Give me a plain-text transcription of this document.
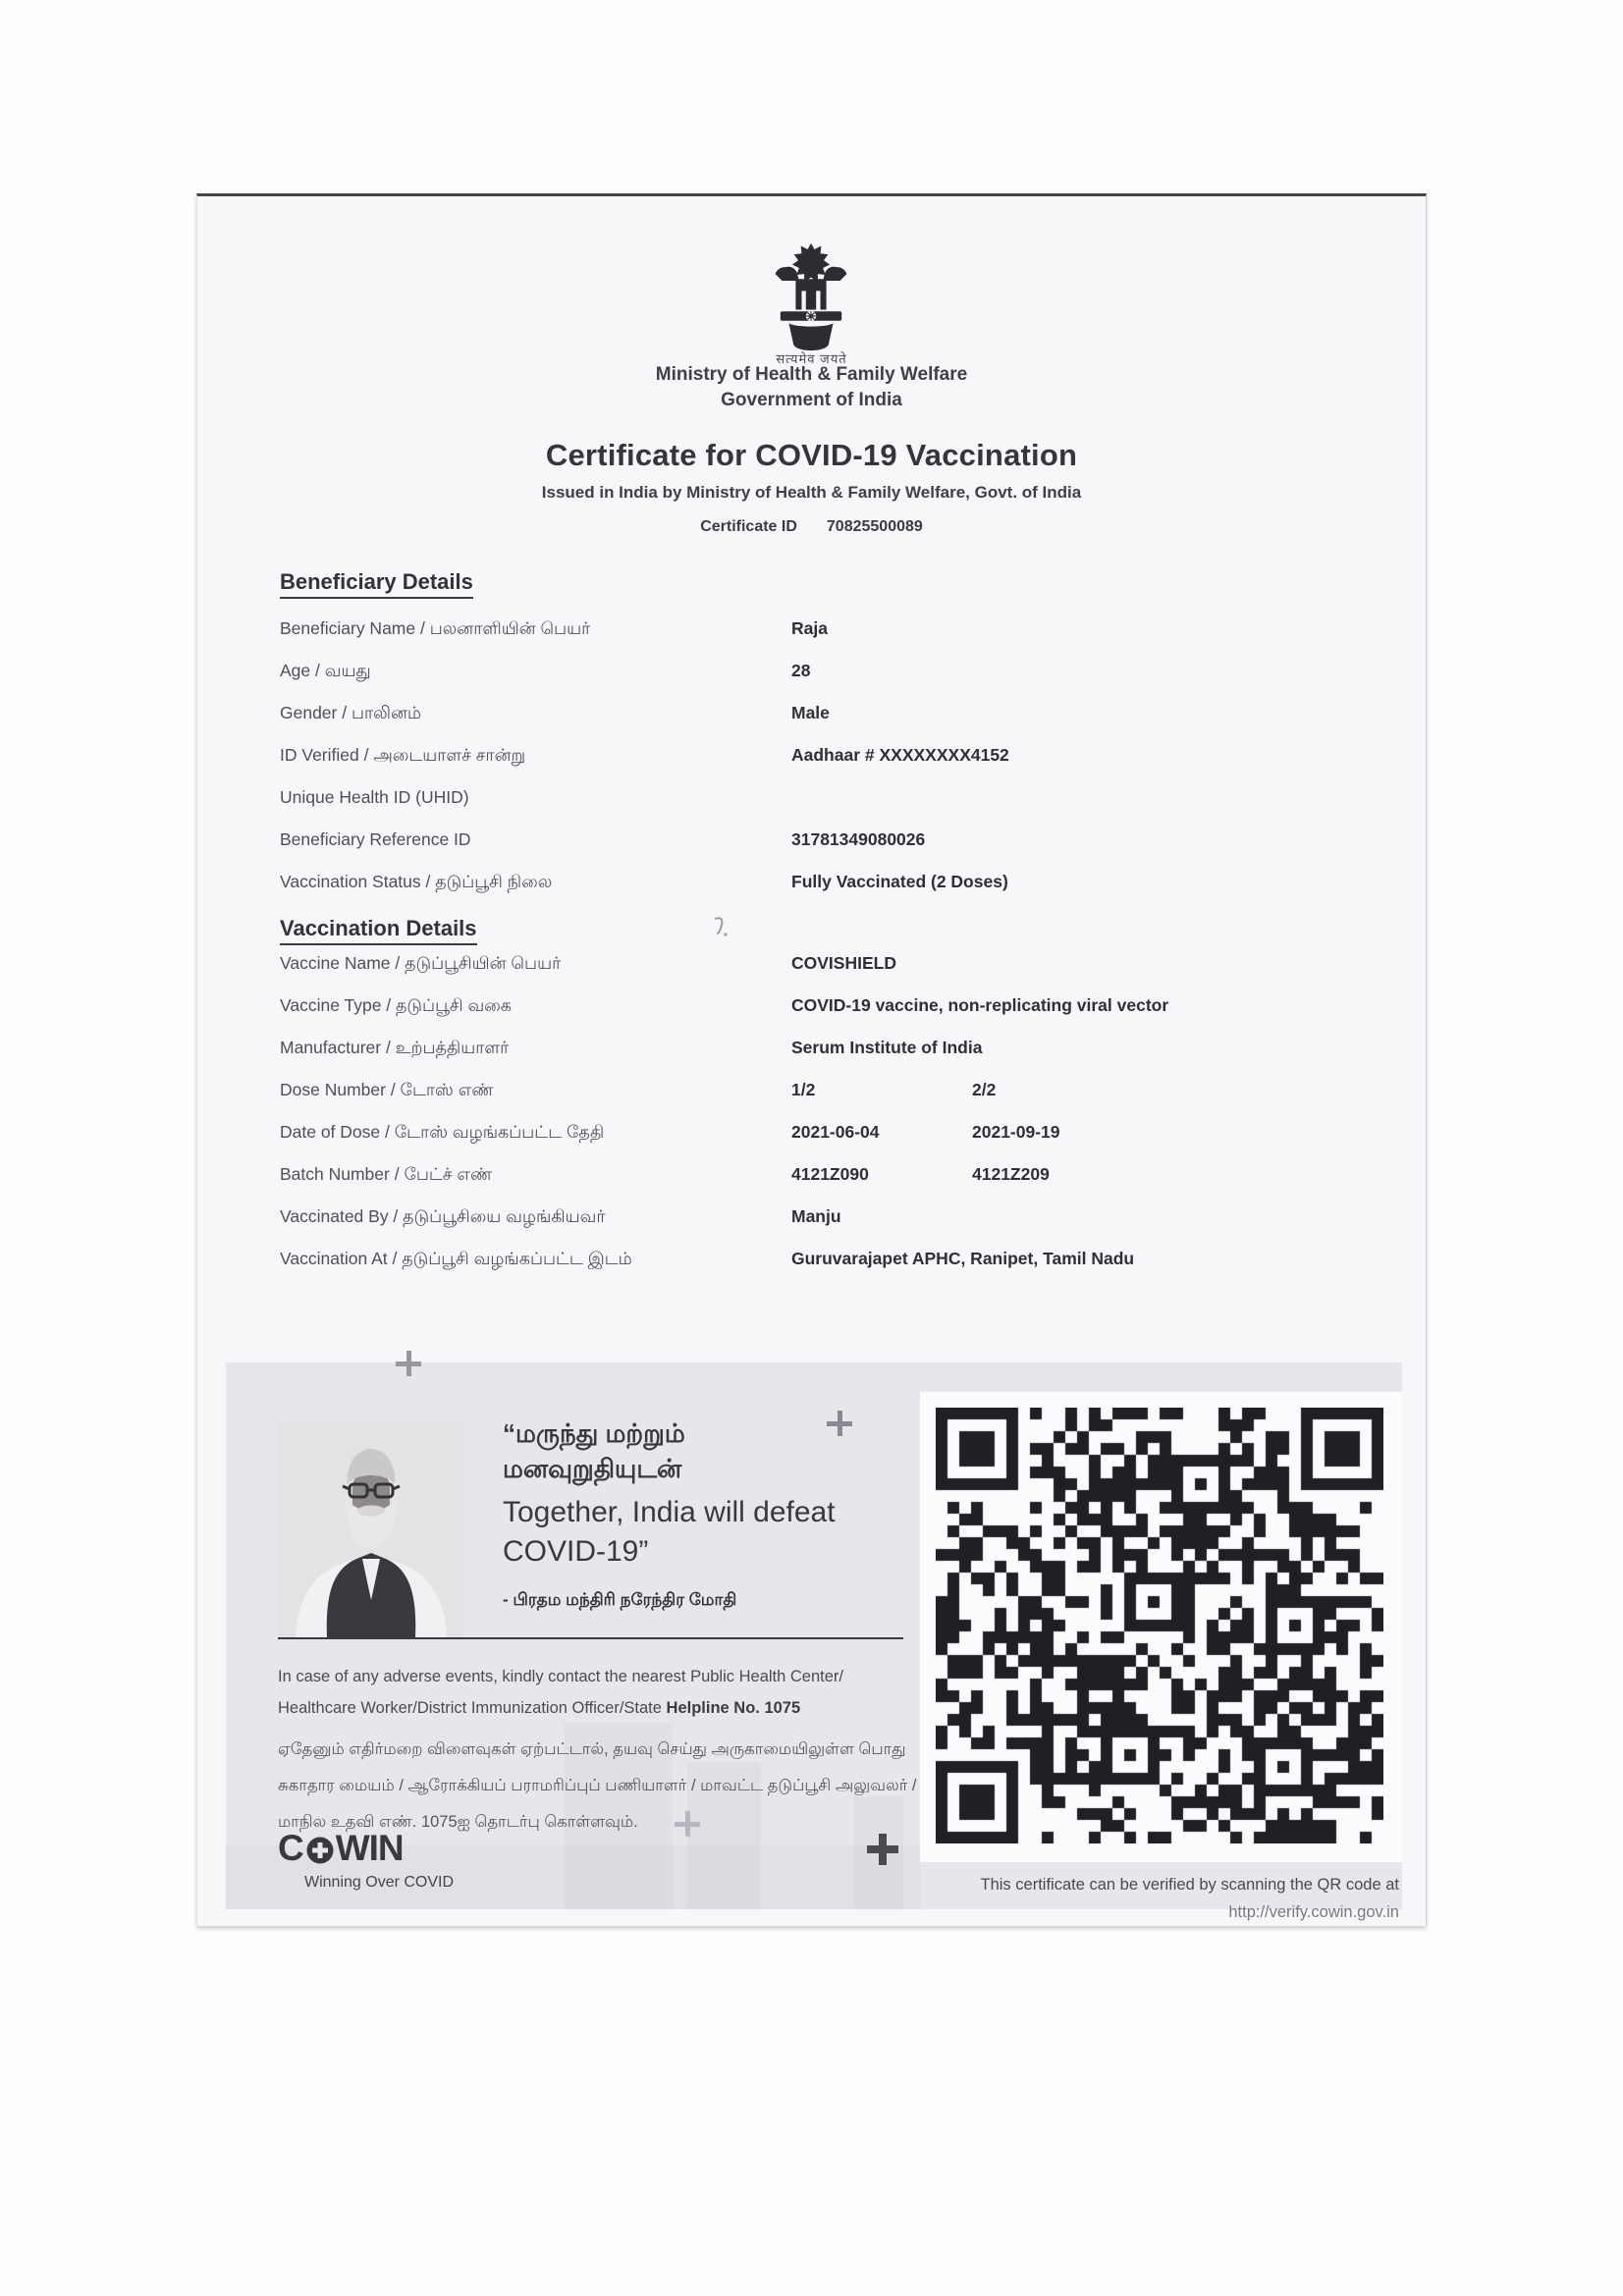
सत्यमेव जयते
Ministry of Health & Family Welfare
Government of India
Certificate for COVID-19 Vaccination
Issued in India by Ministry of Health & Family Welfare, Govt. of India
Certificate ID 70825500089
Beneficiary Details
Beneficiary Name / பலனாளியின் பெயர்	Raja
Age / வயது	28
Gender / பாலினம்	Male
ID Verified / அடையாளச் சான்று	Aadhaar # XXXXXXXX4152
Unique Health ID (UHID)
Beneficiary Reference ID	31781349080026
Vaccination Status / தடுப்பூசி நிலை	Fully Vaccinated (2 Doses)
Vaccination Details
Vaccine Name / தடுப்பூசியின் பெயர்	COVISHIELD
Vaccine Type / தடுப்பூசி வகை	COVID-19 vaccine, non-replicating viral vector
Manufacturer / உற்பத்தியாளர்	Serum Institute of India
Dose Number / டோஸ் எண்	1/2	2/2
Date of Dose / டோஸ் வழங்கப்பட்ட தேதி	2021-06-04	2021-09-19
Batch Number / பேட்ச் எண்	4121Z090	4121Z209
Vaccinated By / தடுப்பூசியை வழங்கியவர்	Manju
Vaccination At / தடுப்பூசி வழங்கப்பட்ட இடம்	Guruvarajapet APHC, Ranipet, Tamil Nadu
“மருந்து மற்றும்
மனவுறுதியுடன்
Together, India will defeat
COVID-19”
- பிரதம மந்திரி நரேந்திர மோதி
In case of any adverse events, kindly contact the nearest Public Health Center/
Healthcare Worker/District Immunization Officer/State Helpline No. 1075
ஏதேனும் எதிர்மறை விளைவுகள் ஏற்பட்டால், தயவு செய்து அருகாமையிலுள்ள பொது
சுகாதார மையம் / ஆரோக்கியப் பராமரிப்புப் பணியாளர் / மாவட்ட தடுப்பூசி அலுவலர் /
மாநில உதவி எண். 1075ஐ தொடர்பு கொள்ளவும்.
C WIN
Winning Over COVID	This certificate can be verified by scanning the QR code at
http://verify.cowin.gov.in
